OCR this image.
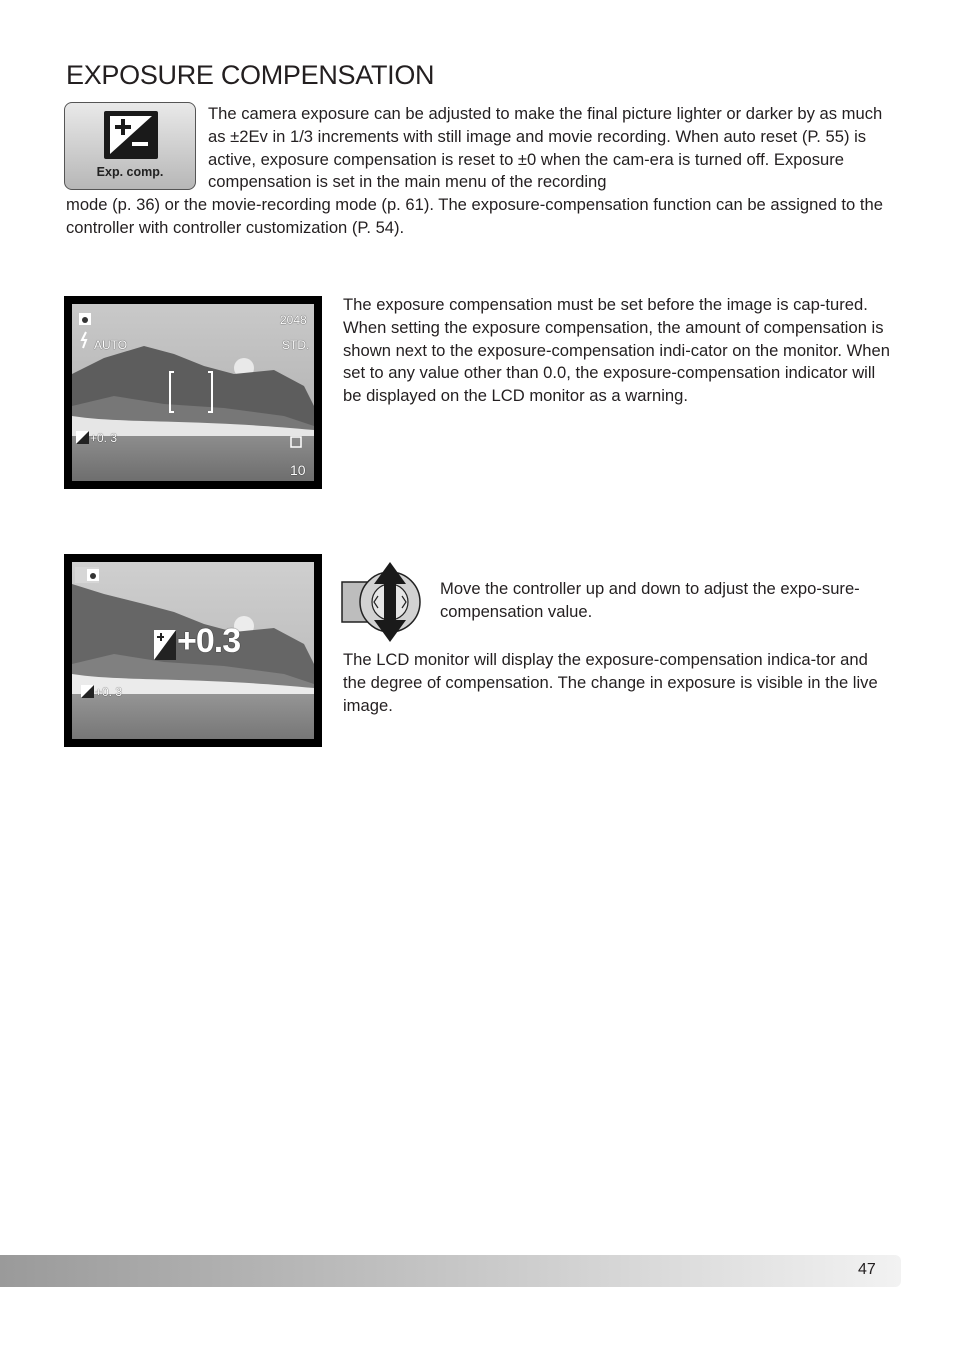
EXPOSURE COMPENSATION
Exp. comp.

The camera exposure can be adjusted to make the final picture lighter or darker by as much as ±2Ev in 1/3 increments with still image and movie recording. When auto reset (P. 55) is active, exposure compensation is reset to ±0 when the cam-era is turned off. Exposure compensation is set in the main menu of the recording

mode (p. 36) or the movie-recording mode (p. 61). The exposure-compensation function can be assigned to the controller with controller customization (P. 54).

2048
STD.
AUTO
+0. 3
10

The exposure compensation must be set before the image is cap-tured. When setting the exposure compensation, the amount of compensation is shown next to the exposure-compensation indi-cator on the monitor. When set to any value other than 0.0, the exposure-compensation indicator will be displayed on the LCD monitor as a warning.

+0.3
+0. 3

Move the controller up and down to adjust the expo-sure-compensation value.

The LCD monitor will display the exposure-compensation indica-tor and the degree of compensation. The change in exposure is visible in the live image.

47
